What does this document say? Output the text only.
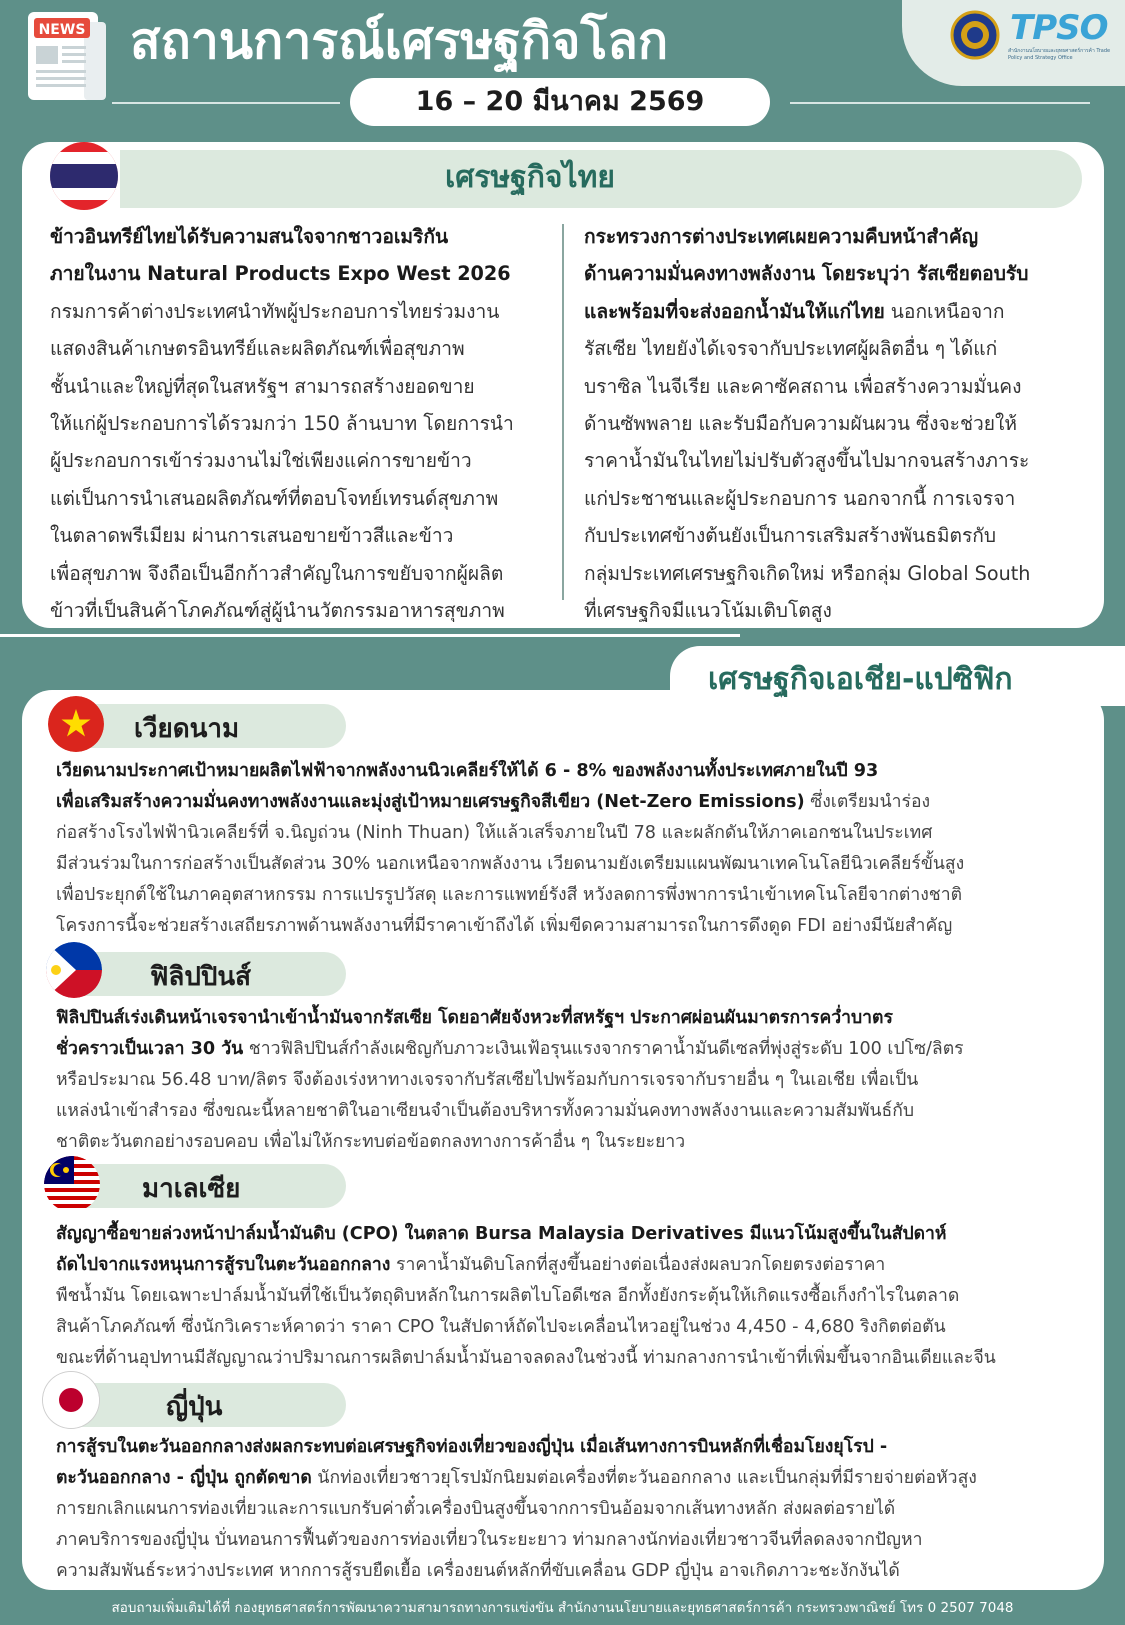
NEWS สถานการณ์เศรษฐกิจโลก
16 – 20 มีนาคม 2569
TPSO
สำนักงานนโยบายและยุทธศาสตร์การค้า Trade Policy and Strategy Office
เศรษฐกิจไทย
ข้าวอินทรีย์ไทยได้รับความสนใจจากชาวอเมริกัน
ภายในงาน Natural Products Expo West 2026
กรมการค้าต่างประเทศนำทัพผู้ประกอบการไทยร่วมงาน
แสดงสินค้าเกษตรอินทรีย์และผลิตภัณฑ์เพื่อสุขภาพ
ชั้นนำและใหญ่ที่สุดในสหรัฐฯ สามารถสร้างยอดขาย
ให้แก่ผู้ประกอบการได้รวมกว่า 150 ล้านบาท โดยการนำ
ผู้ประกอบการเข้าร่วมงานไม่ใช่เพียงแค่การขายข้าว
แต่เป็นการนำเสนอผลิตภัณฑ์ที่ตอบโจทย์เทรนด์สุขภาพ
ในตลาดพรีเมียม ผ่านการเสนอขายข้าวสีและข้าว
เพื่อสุขภาพ จึงถือเป็นอีกก้าวสำคัญในการขยับจากผู้ผลิต
ข้าวที่เป็นสินค้าโภคภัณฑ์สู่ผู้นำนวัตกรรมอาหารสุขภาพ
กระทรวงการต่างประเทศเผยความคืบหน้าสำคัญ
ด้านความมั่นคงทางพลังงาน โดยระบุว่า รัสเซียตอบรับ
และพร้อมที่จะส่งออกน้ำมันให้แก่ไทย นอกเหนือจาก
รัสเซีย ไทยยังได้เจรจากับประเทศผู้ผลิตอื่น ๆ ได้แก่
บราซิล ไนจีเรีย และคาซัคสถาน เพื่อสร้างความมั่นคง
ด้านซัพพลาย และรับมือกับความผันผวน ซึ่งจะช่วยให้
ราคาน้ำมันในไทยไม่ปรับตัวสูงขึ้นไปมากจนสร้างภาระ
แก่ประชาชนและผู้ประกอบการ นอกจากนี้ การเจรจา
กับประเทศข้างต้นยังเป็นการเสริมสร้างพันธมิตรกับ
กลุ่มประเทศเศรษฐกิจเกิดใหม่ หรือกลุ่ม Global South
ที่เศรษฐกิจมีแนวโน้มเติบโตสูง
เศรษฐกิจเอเชีย-แปซิฟิก
เวียดนาม
เวียดนามประกาศเป้าหมายผลิตไฟฟ้าจากพลังงานนิวเคลียร์ให้ได้ 6 - 8% ของพลังงานทั้งประเทศภายในปี 93
เพื่อเสริมสร้างความมั่นคงทางพลังงานและมุ่งสู่เป้าหมายเศรษฐกิจสีเขียว (Net-Zero Emissions) ซึ่งเตรียมนำร่อง
ก่อสร้างโรงไฟฟ้านิวเคลียร์ที่ จ.นิญถ่วน (Ninh Thuan) ให้แล้วเสร็จภายในปี 78 และผลักดันให้ภาคเอกชนในประเทศ
มีส่วนร่วมในการก่อสร้างเป็นสัดส่วน 30% นอกเหนือจากพลังงาน เวียดนามยังเตรียมแผนพัฒนาเทคโนโลยีนิวเคลียร์ขั้นสูง
เพื่อประยุกต์ใช้ในภาคอุตสาหกรรม การแปรรูปวัสดุ และการแพทย์รังสี หวังลดการพึ่งพาการนำเข้าเทคโนโลยีจากต่างชาติ
โครงการนี้จะช่วยสร้างเสถียรภาพด้านพลังงานที่มีราคาเข้าถึงได้ เพิ่มขีดความสามารถในการดึงดูด FDI อย่างมีนัยสำคัญ
ฟิลิปปินส์
ฟิลิปปินส์เร่งเดินหน้าเจรจานำเข้าน้ำมันจากรัสเซีย โดยอาศัยจังหวะที่สหรัฐฯ ประกาศผ่อนผันมาตรการคว่ำบาตร
ชั่วคราวเป็นเวลา 30 วัน ชาวฟิลิปปินส์กำลังเผชิญกับภาวะเงินเฟ้อรุนแรงจากราคาน้ำมันดีเซลที่พุ่งสู่ระดับ 100 เปโซ/ลิตร
หรือประมาณ 56.48 บาท/ลิตร จึงต้องเร่งหาทางเจรจากับรัสเซียไปพร้อมกับการเจรจากับรายอื่น ๆ ในเอเชีย เพื่อเป็น
แหล่งนำเข้าสำรอง ซึ่งขณะนี้หลายชาติในอาเซียนจำเป็นต้องบริหารทั้งความมั่นคงทางพลังงานและความสัมพันธ์กับ
ชาติตะวันตกอย่างรอบคอบ เพื่อไม่ให้กระทบต่อข้อตกลงทางการค้าอื่น ๆ ในระยะยาว
มาเลเซีย
สัญญาซื้อขายล่วงหน้าปาล์มน้ำมันดิบ (CPO) ในตลาด Bursa Malaysia Derivatives มีแนวโน้มสูงขึ้นในสัปดาห์
ถัดไปจากแรงหนุนการสู้รบในตะวันออกกลาง ราคาน้ำมันดิบโลกที่สูงขึ้นอย่างต่อเนื่องส่งผลบวกโดยตรงต่อราคา
พืชน้ำมัน โดยเฉพาะปาล์มน้ำมันที่ใช้เป็นวัตถุดิบหลักในการผลิตไบโอดีเซล อีกทั้งยังกระตุ้นให้เกิดแรงซื้อเก็งกำไรในตลาด
สินค้าโภคภัณฑ์ ซึ่งนักวิเคราะห์คาดว่า ราคา CPO ในสัปดาห์ถัดไปจะเคลื่อนไหวอยู่ในช่วง 4,450 - 4,680 ริงกิตต่อตัน
ขณะที่ด้านอุปทานมีสัญญาณว่าปริมาณการผลิตปาล์มน้ำมันอาจลดลงในช่วงนี้ ท่ามกลางการนำเข้าที่เพิ่มขึ้นจากอินเดียและจีน
ญี่ปุ่น
การสู้รบในตะวันออกกลางส่งผลกระทบต่อเศรษฐกิจท่องเที่ยวของญี่ปุ่น เมื่อเส้นทางการบินหลักที่เชื่อมโยงยุโรป -
ตะวันออกกลาง - ญี่ปุ่น ถูกตัดขาด นักท่องเที่ยวชาวยุโรปมักนิยมต่อเครื่องที่ตะวันออกกลาง และเป็นกลุ่มที่มีรายจ่ายต่อหัวสูง
การยกเลิกแผนการท่องเที่ยวและการแบกรับค่าตั๋วเครื่องบินสูงขึ้นจากการบินอ้อมจากเส้นทางหลัก ส่งผลต่อรายได้
ภาคบริการของญี่ปุ่น บั่นทอนการฟื้นตัวของการท่องเที่ยวในระยะยาว ท่ามกลางนักท่องเที่ยวชาวจีนที่ลดลงจากปัญหา
ความสัมพันธ์ระหว่างประเทศ หากการสู้รบยืดเยื้อ เครื่องยนต์หลักที่ขับเคลื่อน GDP ญี่ปุ่น อาจเกิดภาวะชะงักงันได้
สอบถามเพิ่มเติมได้ที่ กองยุทธศาสตร์การพัฒนาความสามารถทางการแข่งขัน สำนักงานนโยบายและยุทธศาสตร์การค้า กระทรวงพาณิชย์ โทร 0 2507 7048
